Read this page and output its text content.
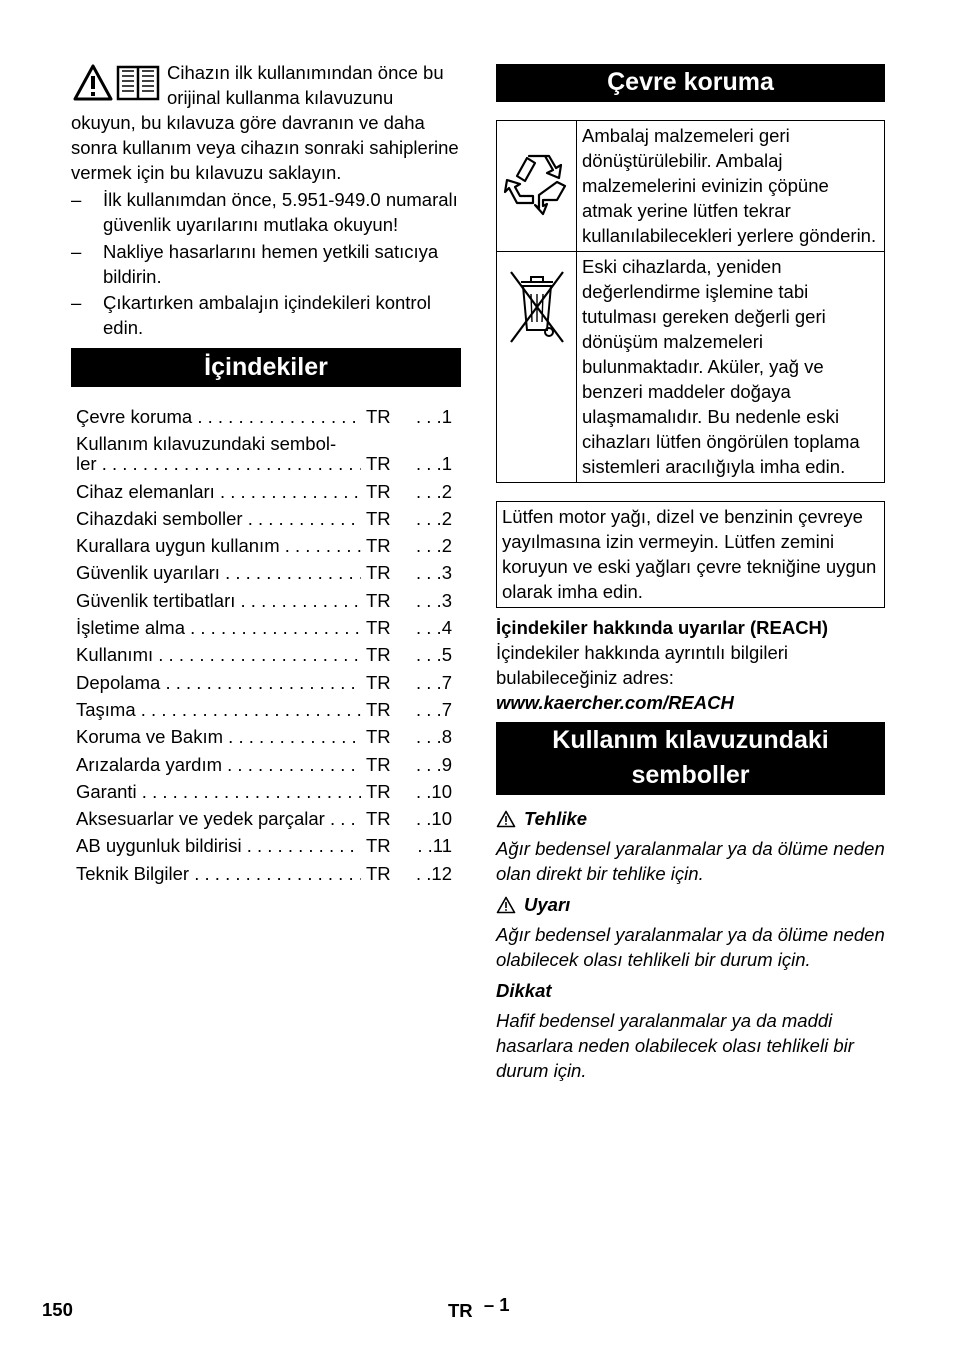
Cihazın ilk kullanımından önce bu orijinal kullanma kılavuzunu okuyun, bu kılavuza göre davranın ve daha sonra kullanım veya cihazın sonraki sahiplerine vermek için bu kılavuzu saklayın.
– İlk kullanımdan önce, 5.951-949.0 numaralı güvenlik uyarılarını mutlaka okuyun!
– Nakliye hasarlarını hemen yetkili satıcıya bildirin.
– Çıkartırken ambalajın içindekileri kontrol edin.
İçindekiler
Çevre koruma . . .	TR	. . .1
Kullanım kılavuzundaki sembol-
ler . . .	TR	. . .1
Cihaz elemanları . . .	TR	. . .2
Cihazdaki semboller . . .	TR	. . .2
Kurallara uygun kullanım . . .	TR	. . .2
Güvenlik uyarıları . . .	TR	. . .3
Güvenlik tertibatları . . .	TR	. . .3
İşletime alma . . .	TR	. . .4
Kullanımı . . .	TR	. . .5
Depolama . . .	TR	. . .7
Taşıma . . .	TR	. . .7
Koruma ve Bakım . . .	TR	. . .8
Arızalarda yardım . . .	TR	. . .9
Garanti . . .	TR	. .10
Aksesuarlar ve yedek parçalar . . .	TR	. .10
AB uygunluk bildirisi . . .	TR	. .11
Teknik Bilgiler . . .	TR	. .12
Çevre koruma
	Ambalaj malzemeleri geri dönüştürülebilir. Ambalaj malzemelerini evinizin çöpüne atmak yerine lütfen tekrar kullanılabilecekleri yerlere gönderin.
	Eski cihazlarda, yeniden değerlendirme işlemine tabi tutulması gereken değerli geri dönüşüm malzemeleri bulunmaktadır. Aküler, yağ ve benzeri maddeler doğaya ulaşmamalıdır. Bu nedenle eski cihazları lütfen öngörülen toplama sistemleri aracılığıyla imha edin.
Lütfen motor yağı, dizel ve benzinin çevreye yayılmasına izin vermeyin. Lütfen zemini koruyun ve eski yağları çevre tekniğine uygun olarak imha edin.

İçindekiler hakkında uyarılar (REACH)

İçindekiler hakkında ayrıntılı bilgileri bulabileceğiniz adres:

www.kaercher.com/REACH

Kullanım kılavuzundaki semboller
Tehlike
Ağır bedensel yaralanmalar ya da ölüme neden olan direkt bir tehlike için.
Uyarı
Ağır bedensel yaralanmalar ya da ölüme neden olabilecek olası tehlikeli bir durum için.
Dikkat
Hafif bedensel yaralanmalar ya da maddi hasarlara neden olabilecek olası tehlikeli bir durum için.
150	TR – 1
